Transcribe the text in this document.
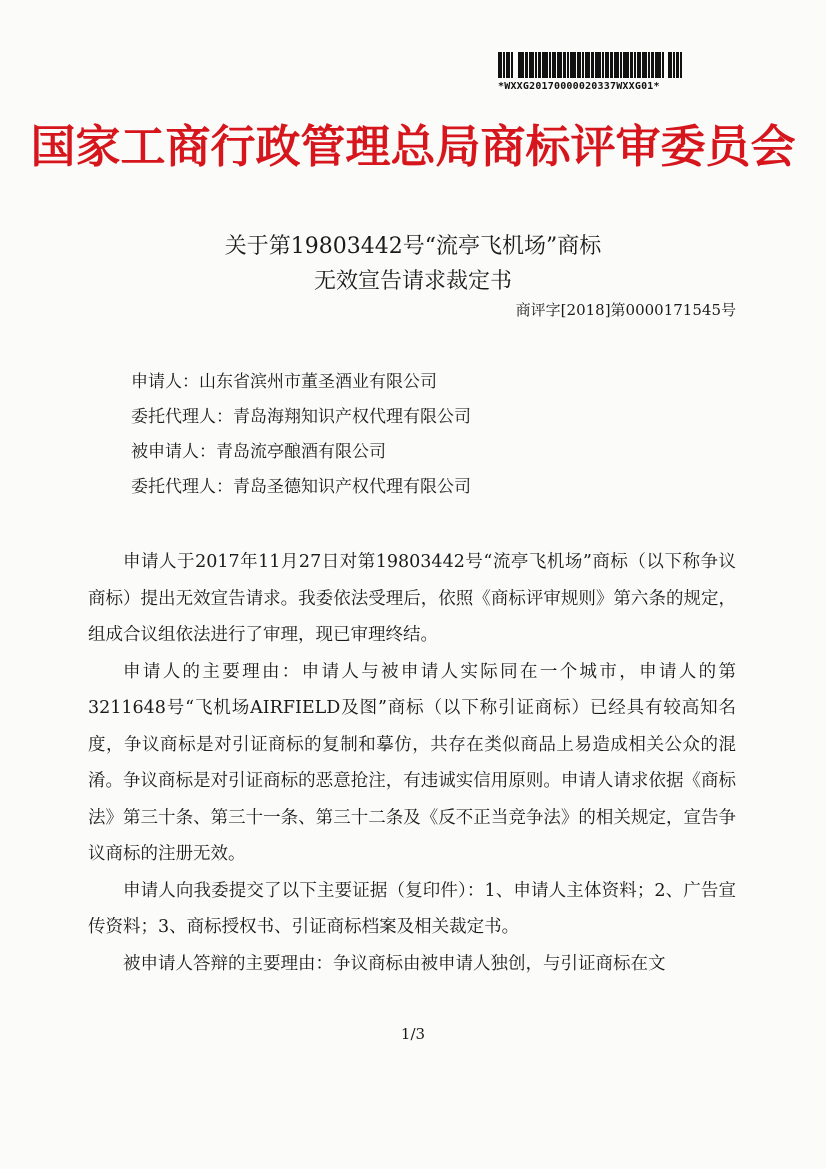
*WXXG20170000020337WXXG01*
国家工商行政管理总局商标评审委员会
关于第19803442号“流亭飞机场”商标
无效宣告请求裁定书
商评字[2018]第0000171545号
申请人：山东省滨州市董圣酒业有限公司
委托代理人：青岛海翔知识产权代理有限公司
被申请人：青岛流亭酿酒有限公司
委托代理人：青岛圣德知识产权代理有限公司

申请人于2017年11月27日对第19803442号“流亭飞机场”商标（以下称争议商标）提出无效宣告请求。我委依法受理后，依照《商标评审规则》第六条的规定，组成合议组依法进行了审理，现已审理终结。

申请人的主要理由：申请人与被申请人实际同在一个城市，申请人的第3211648号“飞机场AIRFIELD及图”商标（以下称引证商标）已经具有较高知名度，争议商标是对引证商标的复制和摹仿，共存在类似商品上易造成相关公众的混淆。争议商标是对引证商标的恶意抢注，有违诚实信用原则。申请人请求依据《商标法》第三十条、第三十一条、第三十二条及《反不正当竞争法》的相关规定，宣告争议商标的注册无效。

申请人向我委提交了以下主要证据（复印件）：1、申请人主体资料；2、广告宣传资料；3、商标授权书、引证商标档案及相关裁定书。

被申请人答辩的主要理由：争议商标由被申请人独创，与引证商标在文

1/3
